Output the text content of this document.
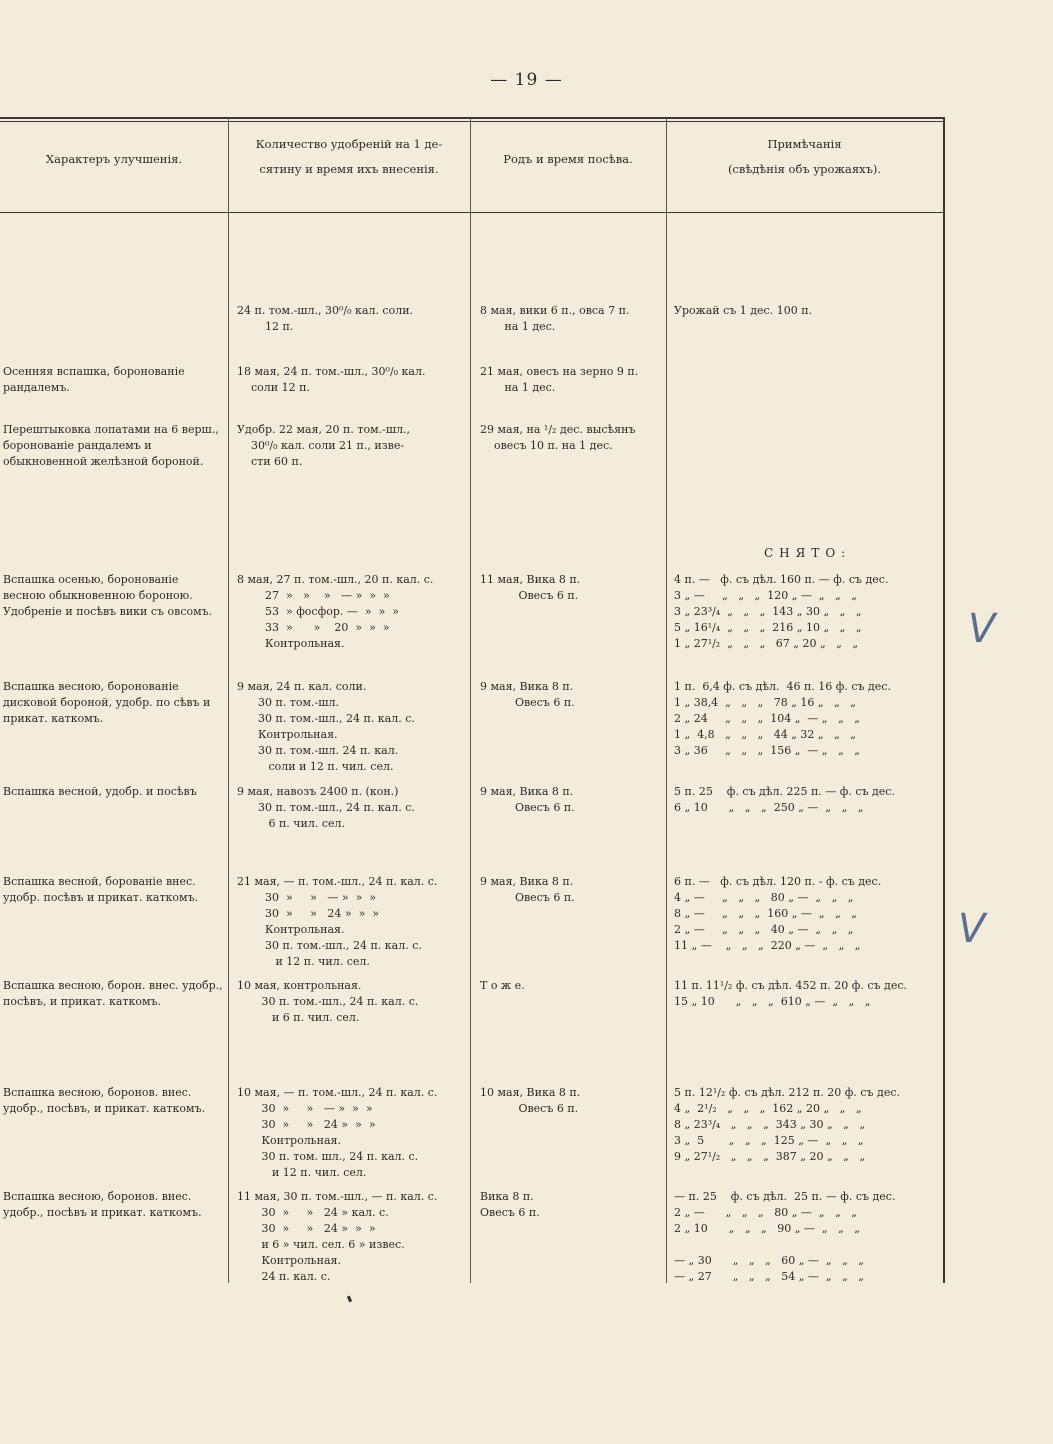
— 19 —
Характеръ улучшенія.
Количество удобреній на 1 де-
сятину и время ихъ внесенія.
Родъ и время посѣва.
Примѣчанія
(свѣдѣнія объ урожаяхъ).
24 п. том.-шл., 30⁰/₀ кал. соли.
12 п.
8 мая, вики 6 п., овса 7 п.
на 1 дес.
Урожай съ 1 дес. 100 п.
Осенняя вспашка, боронованіе рандалемъ.
18 мая, 24 п. том.-шл., 30⁰/₀ кал.
соли 12 п.
21 мая, овесъ на зерно 9 п.
на 1 дес.
Перештыковка лопатами на 6 верш., боронованіе рандалемъ и обыкновенной желѣзной бороной.
Удобр. 22 мая, 20 п. том.-шл.,
30⁰/₀ кал. соли 21 п., изве-
сти 60 п.
29 мая, на ¹/₂ дес. высѣянъ
овесъ 10 п. на 1 дес.
СНЯТО:
Вспашка осенью, боронованіе весною обыкновенною бороною. Удобреніе и посѣвъ вики съ овсомъ.
8 мая, 27 п. том.-шл., 20 п. кал. с.
27  »   »    »   — »  »  »
53  » фосфор. —  »  »  »
33  »      »    20  »  »  »
Контрольная.
11 мая, Вика 8 п.
Овесъ 6 п.
4 п. —   ф. съ дѣл. 160 п. — ф. съ дес.
3 „ —     „   „   „  120 „ —  „   „   „
3 „ 23³/₄  „   „   „  143 „ 30 „   „   „
5 „ 16¹/₄  „   „   „  216 „ 10 „   „   „
1 „ 27¹/₂  „   „   „   67 „ 20 „   „   „
Вспашка весною, боронованіе дисковой бороной, удобр. по сѣвъ и прикат. каткомъ.
9 мая, 24 п. кал. соли.
30 п. том.-шл.
30 п. том.-шл., 24 п. кал. с.
Контрольная.
30 п. том.-шл. 24 п. кал.
соли и 12 п. чил. сел.
9 мая, Вика 8 п.
Овесъ 6 п.
1 п.  6,4 ф. съ дѣл.  46 п. 16 ф. съ дес.
1 „ 38,4  „   „   „   78 „ 16 „   „   „
2 „ 24     „   „   „  104 „  — „   „   „
1 „  4,8   „   „   „   44 „ 32 „   „   „
3 „ 36     „   „   „  156 „  — „   „   „
Вспашка весной, удобр. и посѣвъ	9 мая, навозъ 2400 п. (кон.)
30 п. том.-шл., 24 п. кал. с.
6 п. чил. сел.
9 мая, Вика 8 п.
Овесъ 6 п.
5 п. 25    ф. съ дѣл. 225 п. — ф. съ дес.
6 „ 10      „   „   „  250 „ —  „   „   „
Вспашка весной, борованіе внес. удобр. посѣвъ и прикат. каткомъ.
21 мая, — п. том.-шл., 24 п. кал. с.
30  »     »   — »  »  »
30  »     »   24 »  »  »
Контрольная.
30 п. том.-шл., 24 п. кал. с.
и 12 п. чил. сел.
9 мая, Вика 8 п.
Овесъ 6 п.
6 п. —   ф. съ дѣл. 120 п. - ф. съ дес.
4 „ —     „   „   „   80 „ —  „   „   „
8 „ —     „   „   „  160 „ —  „   „   „
2 „ —     „   „   „   40 „ —  „   „   „
11 „ —    „   „   „  220 „ —  „   „   „
Вспашка весною, борон. внес. удобр., посѣвъ, и прикат. каткомъ.
10 мая, контрольная.
30 п. том.-шл., 24 п. кал. с.
и 6 п. чил. сел.
Т о ж е.	11 п. 11¹/₂ ф. съ дѣл. 452 п. 20 ф. съ дес.
15 „ 10      „   „   „  610 „ —  „   „   „
Вспашка весною, боронов. внес. удобр., посѣвъ, и прикат. каткомъ.
10 мая, — п. том.-шл., 24 п. кал. с.
30  »     »   — »  »  »
30  »     »   24 »  »  »
Контрольная.
30 п. том. шл., 24 п. кал. с.
и 12 п. чил. сел.
10 мая, Вика 8 п.
Овесъ 6 п.
5 п. 12¹/₂ ф. съ дѣл. 212 п. 20 ф. съ дес.
4 „  2¹/₂   „   „   „  162 „ 20 „   „   „
8 „ 23³/₄   „   „   „  343 „ 30 „   „   „
3 „  5       „   „   „  125 „ —  „   „   „
9 „ 27¹/₂   „   „   „  387 „ 20 „   „   „
Вспашка весною, боронов. внес. удобр., посѣвъ и прикат. каткомъ.
11 мая, 30 п. том.-шл., — п. кал. с.
30  »     »   24 » кал. с.
30  »     »   24 »  »  »
и 6 » чил. сел. 6 » извес.
Контрольная.
24 п. кал. с.
Вика 8 п.
Овесъ 6 п.
— п. 25    ф. съ дѣл.  25 п. — ф. съ дес.
2 „ —      „   „   „   80 „ —  „   „   „
2 „ 10      „   „   „   90 „ —  „   „   „

— „ 30      „   „   „   60 „ —  „   „   „
— „ 27      „   „   „   54 „ —  „   „   „
V
V
